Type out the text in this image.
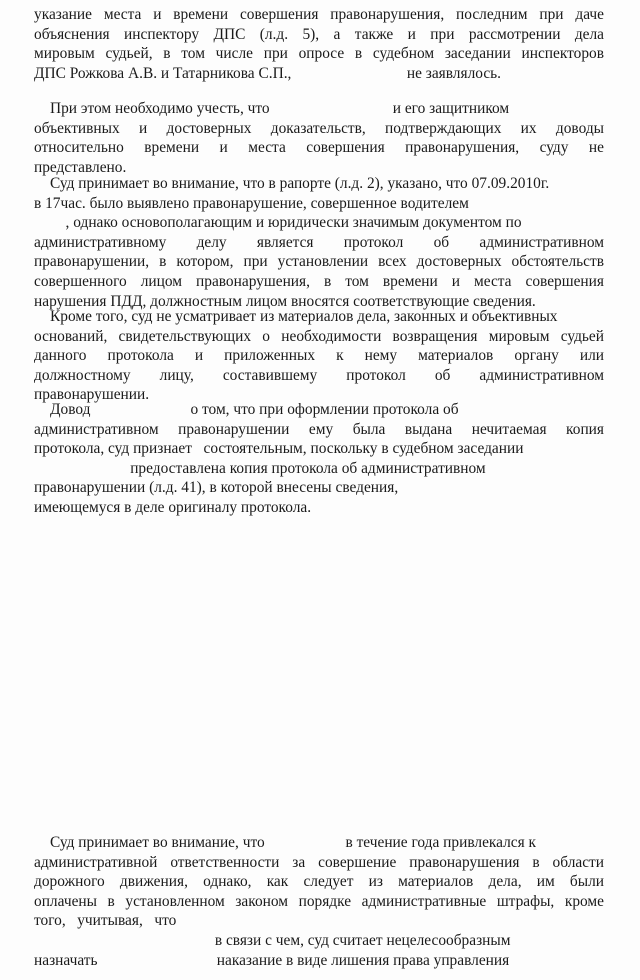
указание места и времени совершения правонарушения, последним при даче
объяснения инспектору ДПС (л.д. 5), а также и при рассмотрении дела
мировым судьей, в том числе при опросе в судебном заседании инспекторов
ДПС Рожкова А.В. и Татарникова С.П.,                              не заявлялось.
При этом необходимо учесть, что                                и его защитником
объективных и достоверных доказательств, подтверждающих их доводы
относительно времени и места совершения правонарушения, суду не
представлено.
Суд принимает во внимание, что в рапорте (л.д. 2), указано, что 07.09.2010г.
в 17час. было выявлено правонарушение, совершенное водителем
, однако основополагающим и юридически значимым документом по
административному делу является протокол об административном
правонарушении, в котором, при установлении всех достоверных обстоятельств
совершенного лицом правонарушения, в том времени и места совершения
нарушения ПДД, должностным лицом вносятся соответствующие сведения.
Кроме того, суд не усматривает из материалов дела, законных и объективных
оснований, свидетельствующих о необходимости возвращения мировым судьей
данного протокола и приложенных к нему материалов органу или
должностному лицу, составившему протокол об административном
правонарушении.
Довод                          о том, что при оформлении протокола об
административном правонарушении ему была выдана нечитаемая копия
протокола, суд признает   состоятельным, поскольку в судебном заседании
предоставлена копия протокола об административном
правонарушении (л.д. 41), в которой внесены сведения,
имеющемуся в деле оригиналу протокола.
Суд принимает во внимание, что                     в течение года привлекался к
административной ответственности за совершение правонарушения в области
дорожного движения, однако, как следует из материалов дела, им были
оплачены в установленном законом порядке административные штрафы, кроме
того,   учитывая,   что
в связи с чем, суд считает нецелесообразным
назначать                               наказание в виде лишения права управления
